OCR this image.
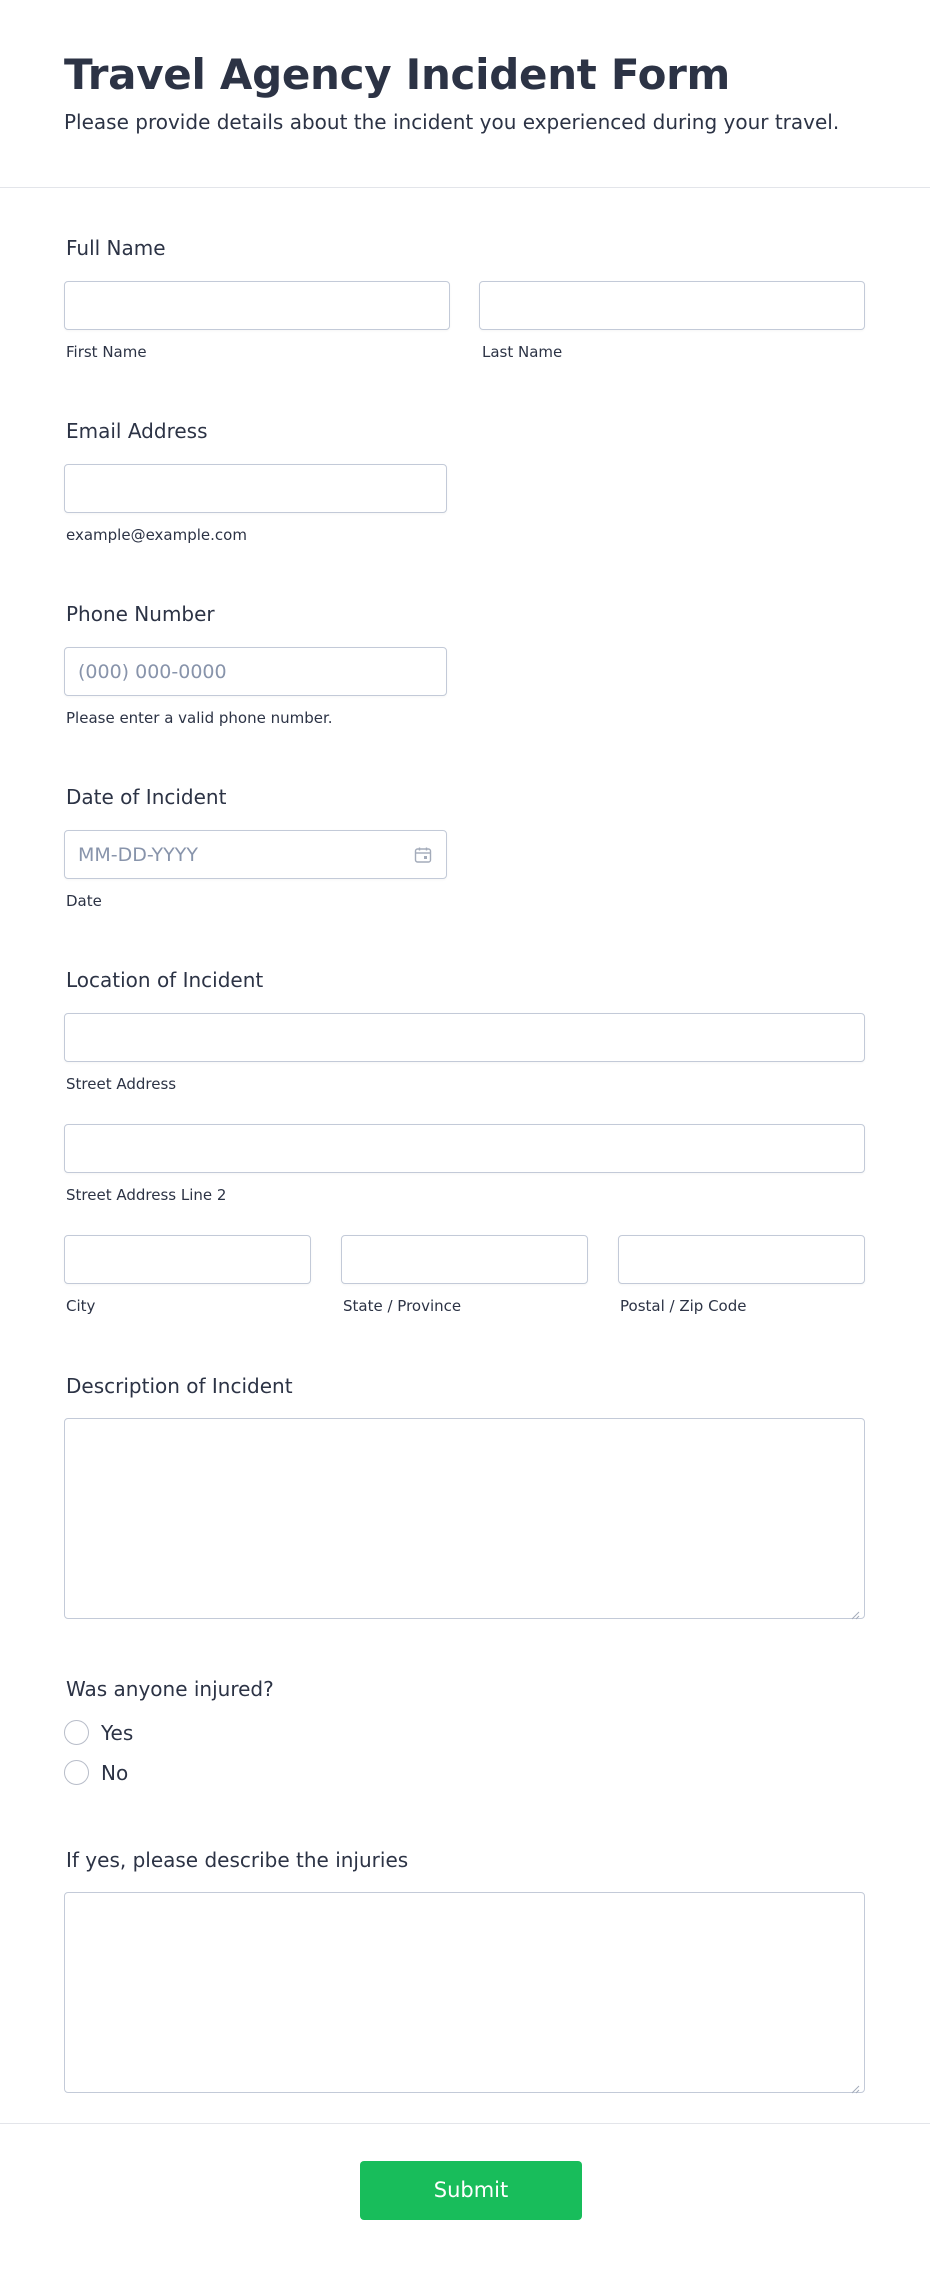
Travel Agency Incident Form
Please provide details about the incident you experienced during your travel.
Full Name
First Name	Last Name
Email Address
example@example.com
Phone Number
(000) 000-0000
Please enter a valid phone number.
Date of Incident
MM-DD-YYYY
Date
Location of Incident
Street Address
Street Address Line 2
City	State / Province	Postal / Zip Code
Description of Incident
Was anyone injured?
Yes
No
If yes, please describe the injuries
Submit
